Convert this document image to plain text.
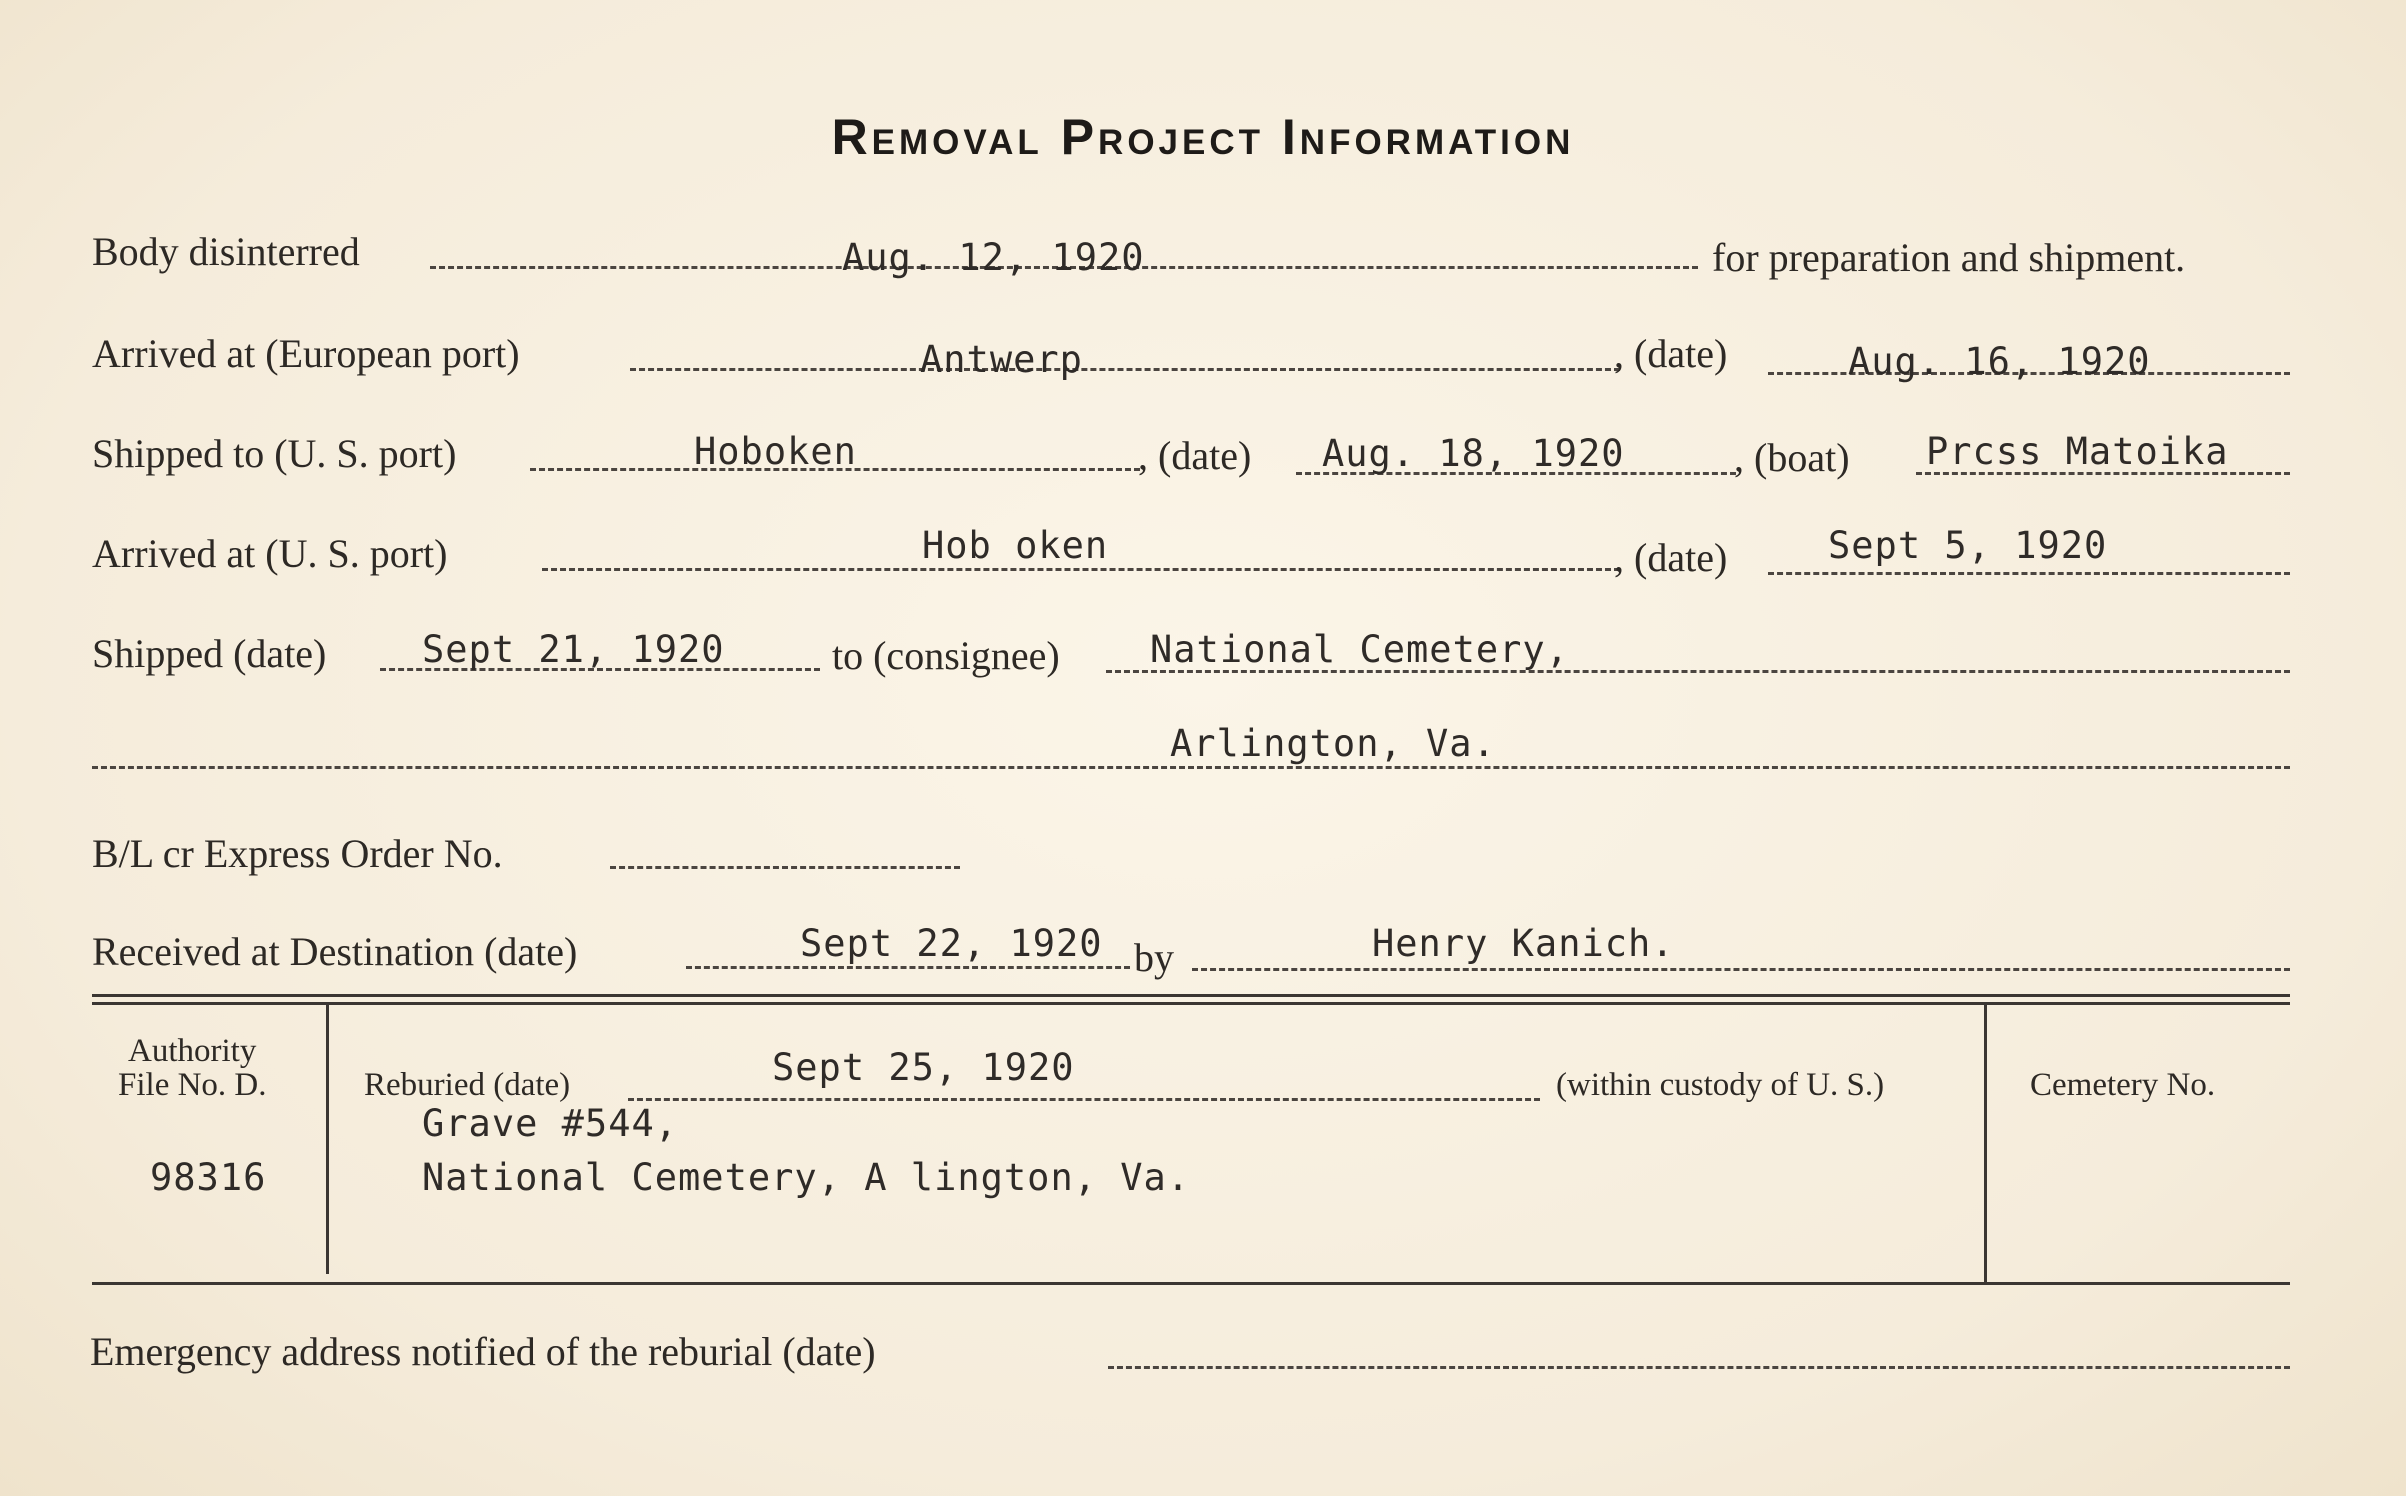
Removal Project Information
Body disinterred	Aug. 12, 1920	for preparation and shipment.
Arrived at (European port)	Antwerp	, (date)	Aug. 16, 1920
Shipped to (U. S. port)	Hoboken	, (date) Aug. 18, 1920	, (boat) Prcss Matoika
Arrived at (U. S. port)	Hob oken	, (date)	Sept 5, 1920
Shipped (date)	Sept 21, 1920	to (consignee) National Cemetery,
Arlington, Va.
B/L cr Express Order No.
Received at Destination (date)	Sept 22, 1920 by	Henry Kanich.
Authority
File No. D.
98316
Reburied (date)	Sept 25, 1920	(within custody of U. S.)
Grave #544,
National Cemetery, A lington, Va.
Cemetery No.
Emergency address notified of the reburial (date)
